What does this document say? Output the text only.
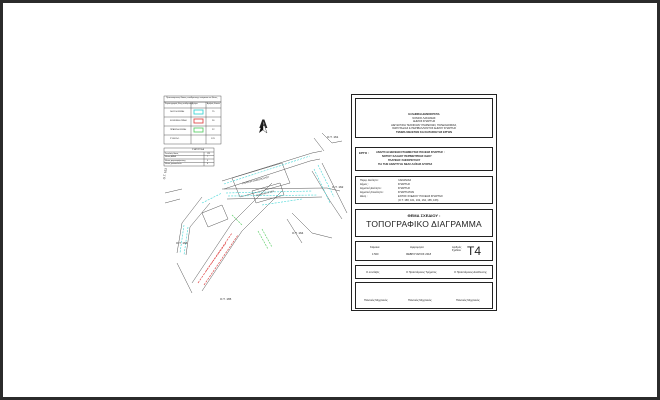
Προτεινόμενες θέσεις στάθμευσης ανάμεσα σε ζώνες
Χαρακτηρισμός ζώνης στάθμευσης Χρώμα	Αριθμός θέσεων
ΛΕΥΚΗ ΖΩΝΗ	75
ΚΟΚΚΙΝΗ ΖΩΝΗ	26
ΠΡΑΣΙΝΗ ΖΩΝΗ	22
ΣΥΝΟΛΟ	123
ΣΤΑΤΙΣΤΙΚΑ
Συνολικές θέσεις	123
Θέσεις ΑΜΕΑ	7
Θέσεις φορτοεκφόρτωσης	4
Θέσεις μοτοσικλετών	8
A
Ο.Τ. 161
Ο.Τ. 162
Ο.Τ. 163
Ο.Τ. 164
Ο.Τ. 165
Ο.Τ. 166
ΠΛΑΤΕΙΑ ΣΑΦΙΟΠΟΥΛΟΥ
ΚΕΝΤΡΙΚΗ ΑΓΟΡΑ
ΕΛΛΗΝΙΚΗ ΔΗΜΟΚΡΑΤΙΑ
ΝΟΜΟΣ ΛΑΚΩΝΙΑΣ
ΔΗΜΟΣ ΣΠΑΡΤΗΣ
ΔΙΕΥΘΥΝΣΗ ΤΕΧΝΙΚΩΝ ΥΠΗΡΕΣΙΩΝ, ΠΟΛΕΟΔΟΜΙΑΣ,
ΧΩΡΟΤΑΞΙΑΣ & ΠΕΡΙΒΑΛΛΟΝΤΟΣ ΔΗΜΟΥ ΣΠΑΡΤΗΣ
ΤΜΗΜΑ ΜΕΛΕΤΩΝ ΚΑΙ ΚΑΤΑΣΚΕΥΗΣ ΕΡΓΩΝ
ΕΡΓΟ :	ΑΝΑΠΥΞΗ ΘΕΣΕΩΝ ΣΤΑΘΜΕΥΣΗΣ ΠΟΛΕΩΣ ΣΠΑΡΤΗΣ :
ΝΟΤΙΟΥ ΚΛΑΔΟΥ ΠΕΡΙΜΕΤΡΙΚΗΣ ΟΔΟΥ
ΠΛΑΤΕΙΑΣ ΣΑΦΙΟΠΟΥΛΟΥ
ΓΙΑ ΤΗΝ ΑΝΑΠΤΥΞΗ ΝΕΑΣ ΛΑΪΚΗΣ ΑΓΟΡΑΣ
Περιφ. Ενότητα :	ΛΑΚΩΝΙΑΣ
Δήμος :	ΣΠΑΡΤΗΣ
Δημοτική Ενότητα :	ΣΠΑΡΤΗΣ
Δημοτική Κοινότητα :	ΣΠΑΡΤΙΑΤΩΝ
Θέση :	ΕΝΤΟΣ ΣΧΕΔΙΟΥ ΠΟΛΕΩΣ ΣΠΑΡΤΗΣ
(Ο.Τ. 158, 161, 162, 164, 165, 166)
ΘΕΜΑ ΣΧΕΔΙΟΥ :
ΤΟΠΟΓΡΑΦΙΚΟ ΔΙΑΓΡΑΜΜΑ
Κλίμακα
1:500
Ημερομηνία
ΦΕΒΡΟΥΑΡΙΟΣ 2018
Αριθμός Σχεδίου Τ4
Ο συντάξας	Ο Προϊστάμενος Τμήματος	Ο Προϊστάμενος Διεύθυνσης
Πολιτικός Μηχανικός	Πολιτικός Μηχανικός	Πολιτικός Μηχανικός
